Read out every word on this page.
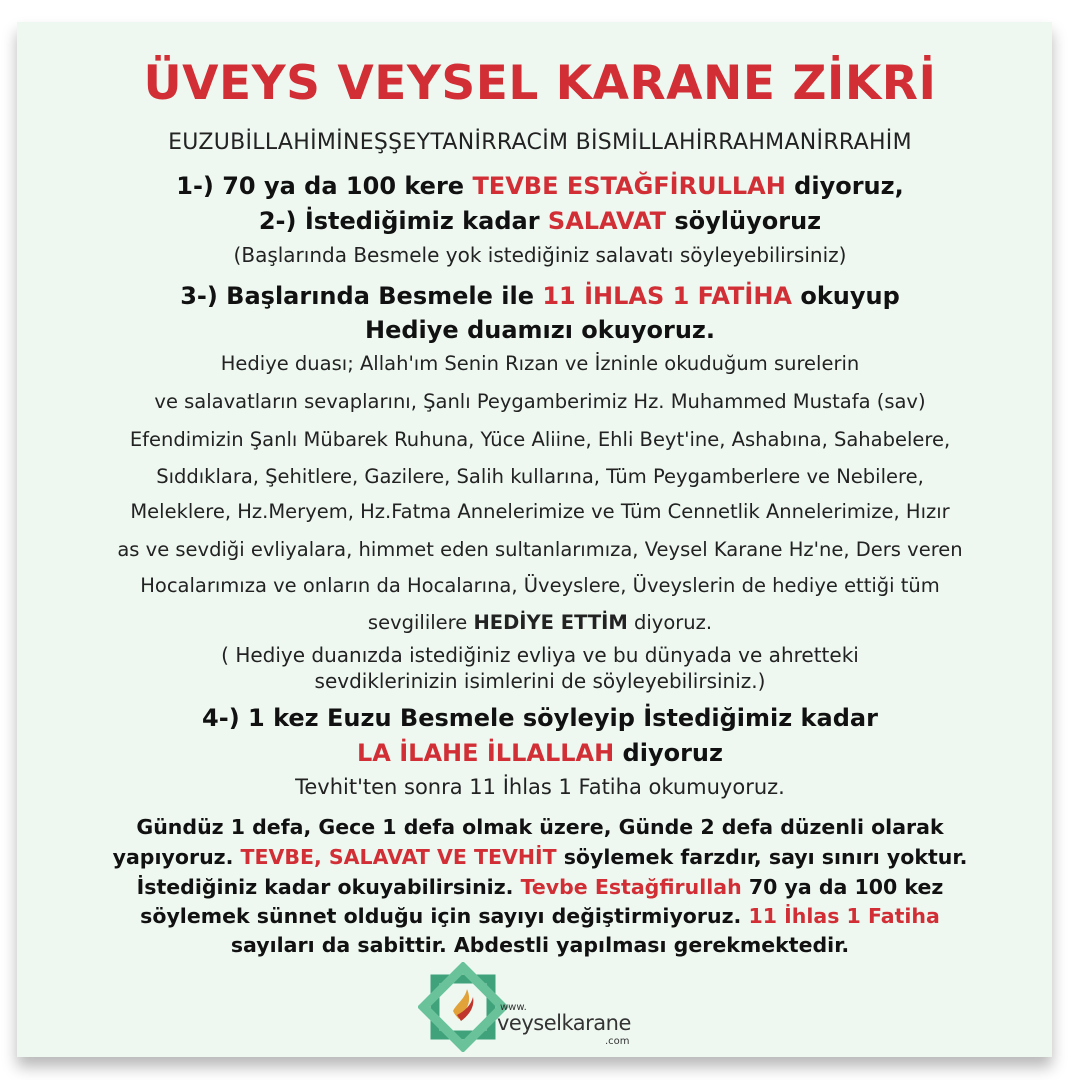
ÜVEYS VEYSEL KARANE ZİKRİ
EUZUBİLLAHİMİNEŞŞEYTANİRRACİM BİSMİLLAHİRRAHMANİRRAHİM
1-) 70 ya da 100 kere TEVBE ESTAĞFİRULLAH diyoruz,
2-) İstediğimiz kadar SALAVAT söylüyoruz
(Başlarında Besmele yok istediğiniz salavatı söyleyebilirsiniz)
3-) Başlarında Besmele ile 11 İHLAS 1 FATİHA okuyup
Hediye duamızı okuyoruz.
Hediye duası; Allah'ım Senin Rızan ve İzninle okuduğum surelerin
ve salavatların sevaplarını, Şanlı Peygamberimiz Hz. Muhammed Mustafa (sav)
Efendimizin Şanlı Mübarek Ruhuna, Yüce Aliine, Ehli Beyt'ine, Ashabına, Sahabelere,
Sıddıklara, Şehitlere, Gazilere, Salih kullarına, Tüm Peygamberlere ve Nebilere,
Meleklere, Hz.Meryem, Hz.Fatma Annelerimize ve Tüm Cennetlik Annelerimize, Hızır
as ve sevdiği evliyalara, himmet eden sultanlarımıza, Veysel Karane Hz'ne, Ders veren
Hocalarımıza ve onların da Hocalarına, Üveyslere, Üveyslerin de hediye ettiği tüm
sevgililere HEDİYE ETTİM diyoruz.
( Hediye duanızda istediğiniz evliya ve bu dünyada ve ahretteki
sevdiklerinizin isimlerini de söyleyebilirsiniz.)
4-) 1 kez Euzu Besmele söyleyip İstediğimiz kadar
LA İLAHE İLLALLAH diyoruz
Tevhit'ten sonra 11 İhlas 1 Fatiha okumuyoruz.
Gündüz 1 defa, Gece 1 defa olmak üzere, Günde 2 defa düzenli olarak
yapıyoruz. TEVBE, SALAVAT VE TEVHİT söylemek farzdır, sayı sınırı yoktur.
İstediğiniz kadar okuyabilirsiniz. Tevbe Estağfirullah 70 ya da 100 kez
söylemek sünnet olduğu için sayıyı değiştirmiyoruz. 11 İhlas 1 Fatiha
sayıları da sabittir. Abdestli yapılması gerekmektedir.
www.
veyselkarane
.com
